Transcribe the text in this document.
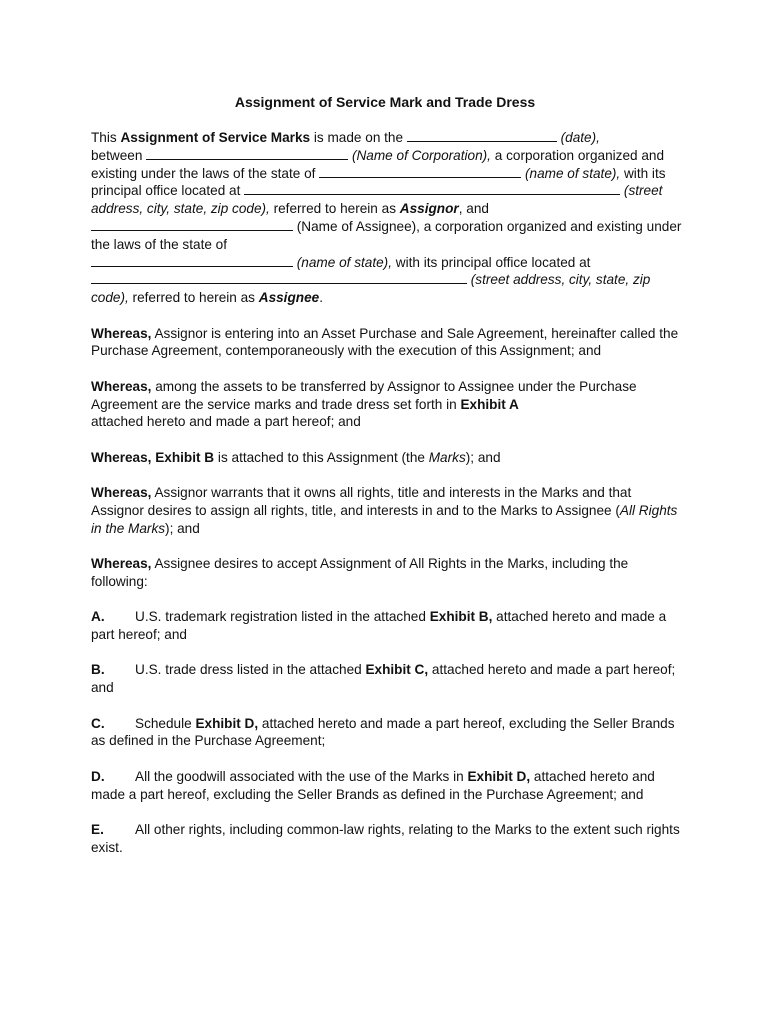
Assignment of Service Mark and Trade Dress

This Assignment of Service Marks is made on the	(date),
between	(Name of Corporation), a corporation organized and existing under the laws of the state of	(name of state), with its principal office located at	(street address, city, state, zip code), referred to herein as Assignor, and  (Name of Assignee), a corporation organized and existing under the laws of the state of
(name of state), with its principal office located at  (street address, city, state, zip code), referred to herein as Assignee.

Whereas, Assignor is entering into an Asset Purchase and Sale Agreement, hereinafter called the Purchase Agreement, contemporaneously with the execution of this Assignment; and

Whereas, among the assets to be transferred by Assignor to Assignee under the Purchase Agreement are the service marks and trade dress set forth in Exhibit A
attached hereto and made a part hereof; and

Whereas, Exhibit B is attached to this Assignment (the Marks); and

Whereas, Assignor warrants that it owns all rights, title and interests in the Marks and that Assignor desires to assign all rights, title, and interests in and to the Marks to Assignee (All Rights in the Marks); and

Whereas, Assignee desires to accept Assignment of All Rights in the Marks, including the following:

A. U.S. trademark registration listed in the attached Exhibit B, attached hereto and made a part hereof; and

B. U.S. trade dress listed in the attached Exhibit C, attached hereto and made a part hereof; and

C. Schedule Exhibit D, attached hereto and made a part hereof, excluding the Seller Brands as defined in the Purchase Agreement;

D. All the goodwill associated with the use of the Marks in Exhibit D, attached hereto and made a part hereof, excluding the Seller Brands as defined in the Purchase Agreement; and

E. All other rights, including common-law rights, relating to the Marks to the extent such rights exist.
